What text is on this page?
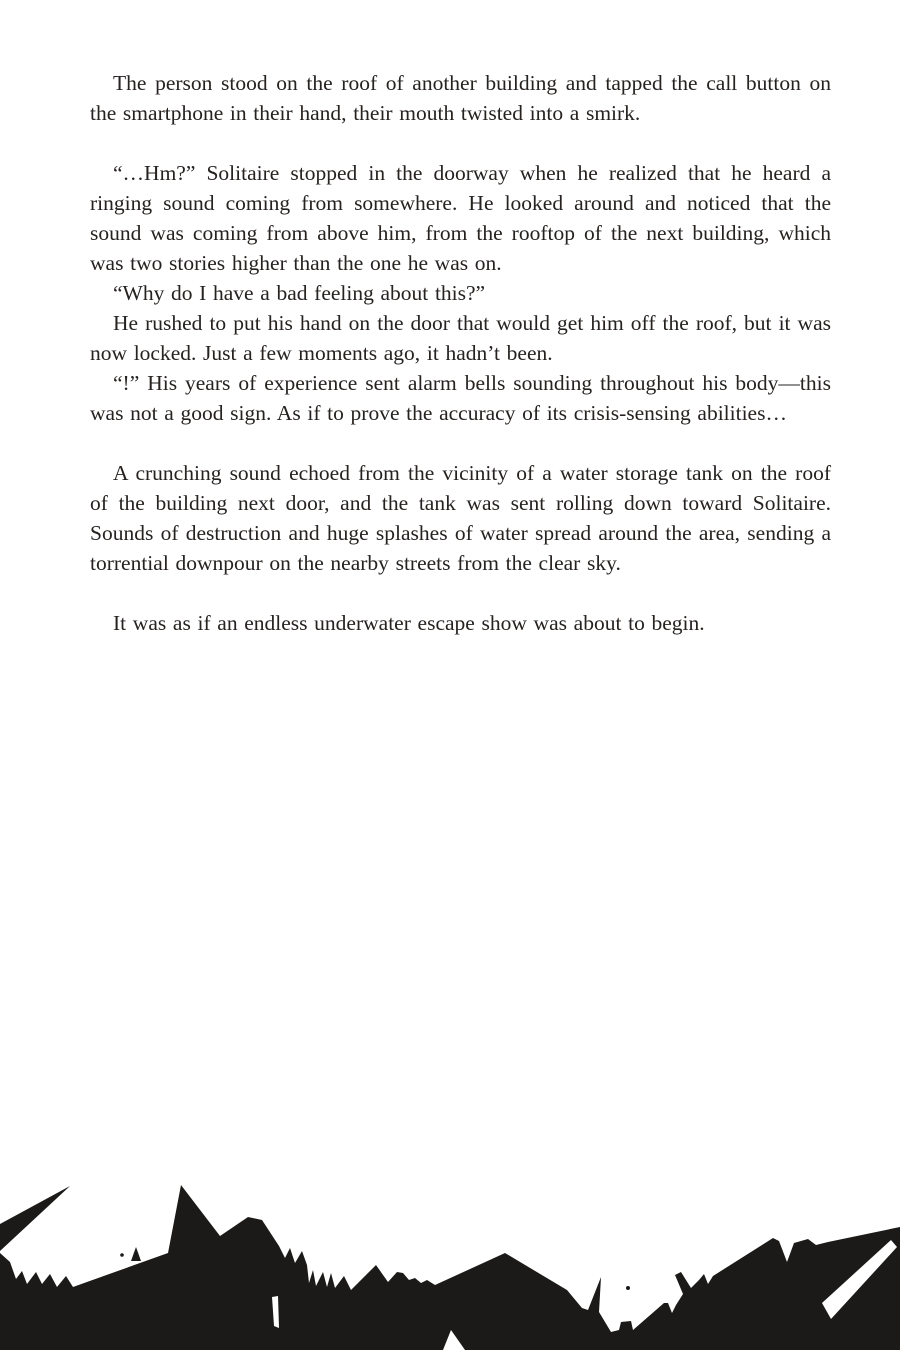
The person stood on the roof of another building and tapped the call button on the smartphone in their hand, their mouth twisted into a smirk.

“…Hm?” Solitaire stopped in the doorway when he realized that he heard a ringing sound coming from somewhere. He looked around and noticed that the sound was coming from above him, from the rooftop of the next building, which was two stories higher than the one he was on.

“Why do I have a bad feeling about this?”

He rushed to put his hand on the door that would get him off the roof, but it was now locked. Just a few moments ago, it hadn’t been.

“!” His years of experience sent alarm bells sounding throughout his body—this was not a good sign. As if to prove the accuracy of its crisis-sensing abilities…

A crunching sound echoed from the vicinity of a water storage tank on the roof of the building next door, and the tank was sent rolling down toward Solitaire. Sounds of destruction and huge splashes of water spread around the area, sending a torrential downpour on the nearby streets from the clear sky.

It was as if an endless underwater escape show was about to begin.
